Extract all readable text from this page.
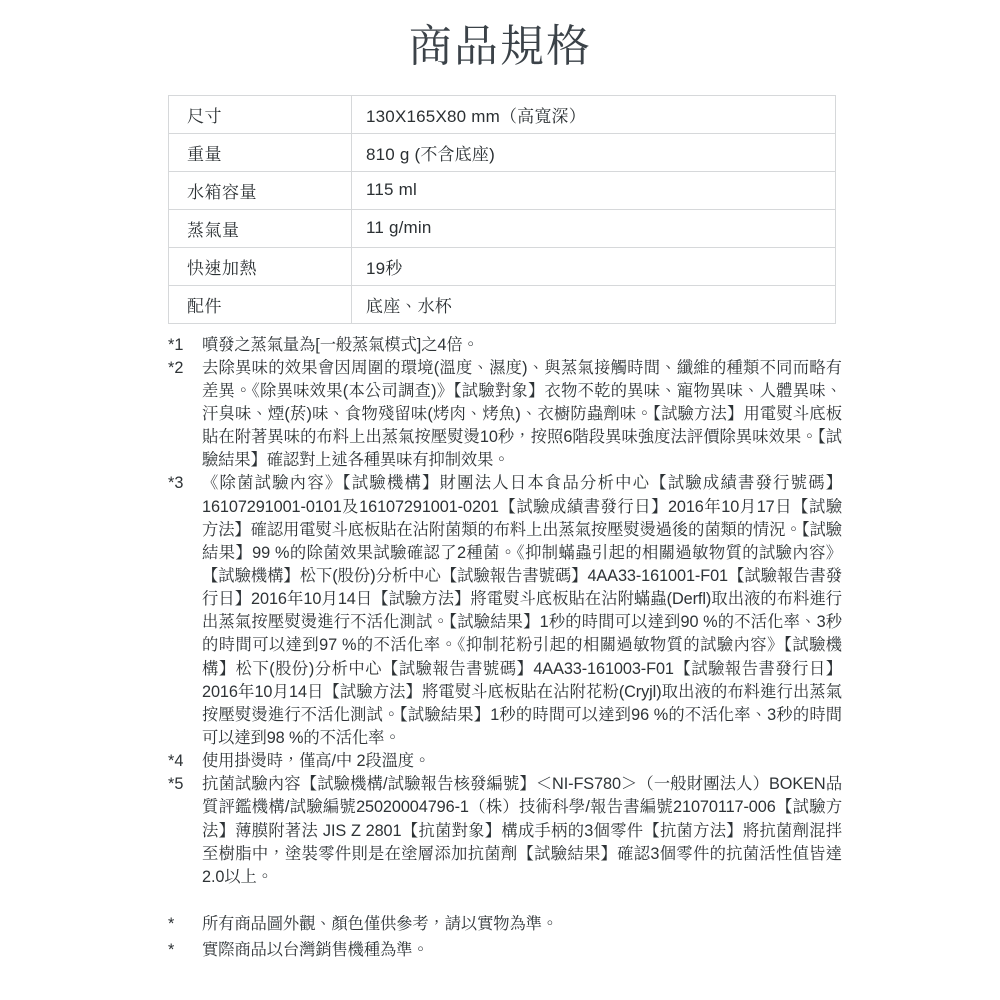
商品規格
尺寸	130X165X80 mm（高寬深）
重量	810 g (不含底座)
水箱容量	115 ml
蒸氣量	11 g/min
快速加熱	19秒
配件	底座、水杯
*1	噴發之蒸氣量為[一般蒸氣模式]之4倍。
*2	去除異味的效果會因周圍的環境(溫度、濕度)、與蒸氣接觸時間、纖維的種類不同而略有差異。《除異味效果(本公司調查)》【試驗對象】衣物不乾的異味、寵物異味、人體異味、汗臭味、煙(菸)味、食物殘留味(烤肉、烤魚)、衣櫥防蟲劑味。【試驗方法】用電熨斗底板貼在附著異味的布料上出蒸氣按壓熨燙10秒，按照6階段異味強度法評價除異味效果。【試驗結果】確認對上述各種異味有抑制效果。
*3	《除菌試驗內容》【試驗機構】財團法人日本食品分析中心【試驗成績書發行號碼】16107291001-0101及16107291001-0201【試驗成績書發行日】2016年10月17日【試驗方法】確認用電熨斗底板貼在沾附菌類的布料上出蒸氣按壓熨燙過後的菌類的情況。【試驗結果】99 %的除菌效果試驗確認了2種菌。《抑制蟎蟲引起的相關過敏物質的試驗內容》【試驗機構】松下(股份)分析中心【試驗報告書號碼】4AA33-161001-F01【試驗報告書發行日】2016年10月14日【試驗方法】將電熨斗底板貼在沾附蟎蟲(Derfl)取出液的布料進行出蒸氣按壓熨燙進行不活化測試。【試驗結果】1秒的時間可以達到90 %的不活化率、3秒的時間可以達到97 %的不活化率。《抑制花粉引起的相關過敏物質的試驗內容》【試驗機構】松下(股份)分析中心【試驗報告書號碼】4AA33-161003-F01【試驗報告書發行日】2016年10月14日【試驗方法】將電熨斗底板貼在沾附花粉(Cryjl)取出液的布料進行出蒸氣按壓熨燙進行不活化測試。【試驗結果】1秒的時間可以達到96 %的不活化率、3秒的時間可以達到98 %的不活化率。
*4	使用掛燙時，僅高/中 2段溫度。
*5	抗菌試驗內容【試驗機構/試驗報告核發編號】＜NI-FS780＞（一般財團法人）BOKEN品質評鑑機構/試驗編號25020004796-1（株）技術科學/報告書編號21070117-006【試驗方法】薄膜附著法 JIS Z 2801【抗菌對象】構成手柄的3個零件【抗菌方法】將抗菌劑混拌至樹脂中，塗裝零件則是在塗層添加抗菌劑【試驗結果】確認3個零件的抗菌活性值皆達2.0以上。
*	所有商品圖外觀、顏色僅供參考，請以實物為準。
*	實際商品以台灣銷售機種為準。
